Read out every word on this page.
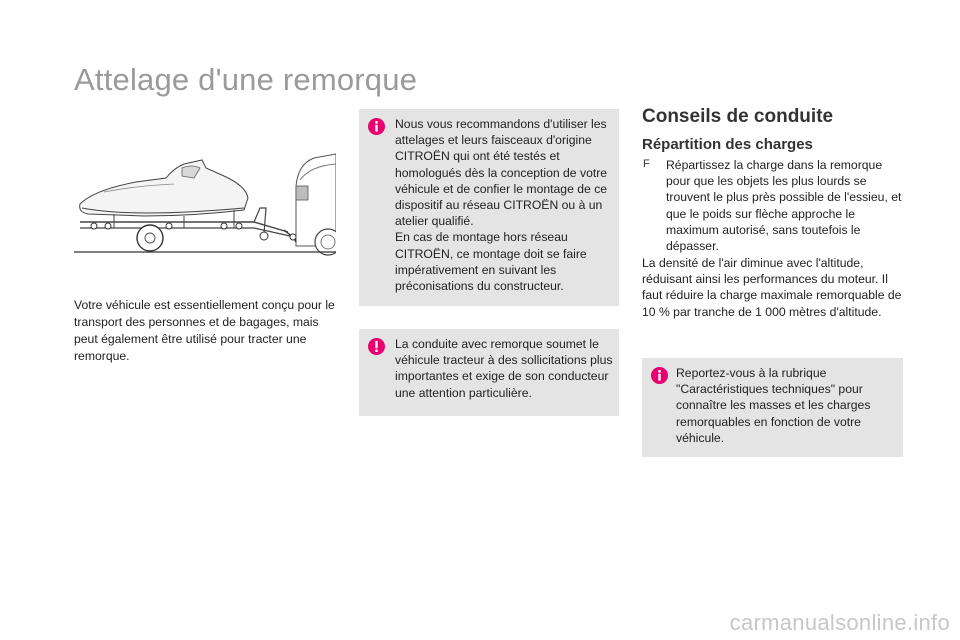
Attelage d'une remorque

Votre véhicule est essentiellement conçu pour le transport des personnes et de bagages, mais peut également être utilisé pour tracter une remorque.

Nous vous recommandons d'utiliser les attelages et leurs faisceaux d'origine CITROËN qui ont été testés et homologués dès la conception de votre véhicule et de confier le montage de ce dispositif au réseau CITROËN ou à un atelier qualifié.
En cas de montage hors réseau CITROËN, ce montage doit se faire impérativement en suivant les préconisations du constructeur.

La conduite avec remorque soumet le véhicule tracteur à des sollicitations plus importantes et exige de son conducteur une attention particulière.

Conseils de conduite
Répartition des charges
F Répartissez la charge dans la remorque pour que les objets les plus lourds se trouvent le plus près possible de l'essieu, et que le poids sur flèche approche le maximum autorisé, sans toutefois le dépasser.

La densité de l'air diminue avec l'altitude, réduisant ainsi les performances du moteur. Il faut réduire la charge maximale remorquable de 10 % par tranche de 1 000 mètres d'altitude.

Reportez-vous à la rubrique "Caractéristiques techniques" pour connaître les masses et les charges remorquables en fonction de votre véhicule.

carmanualsonline.info
